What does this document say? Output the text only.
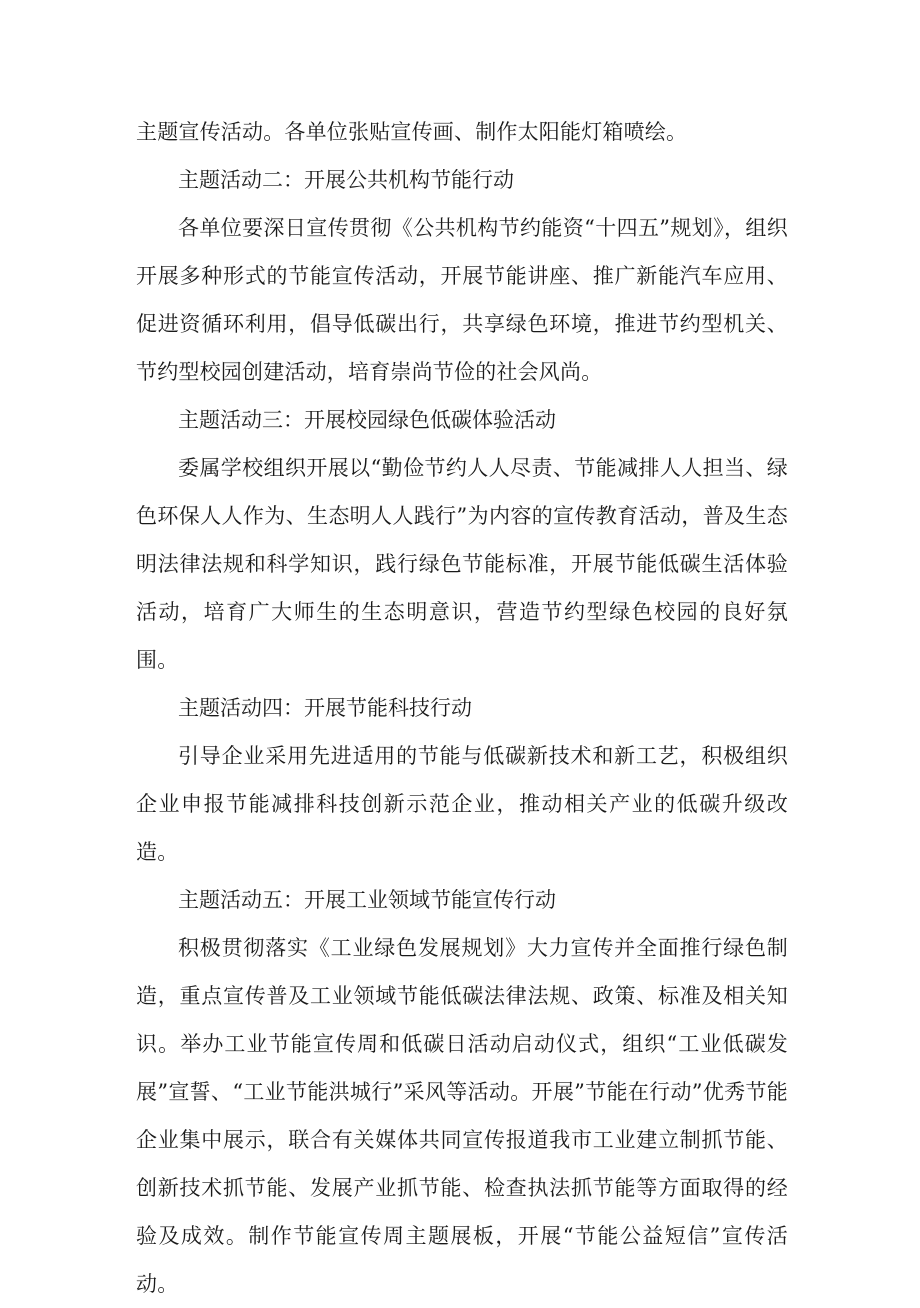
主题宣传活动。各单位张贴宣传画、制作太阳能灯箱喷绘。

主题活动二：开展公共机构节能行动

各单位要深日宣传贯彻《公共机构节约能资“十四五”规划》，组织开展多种形式的节能宣传活动，开展节能讲座、推广新能汽车应用、促进资循环利用，倡导低碳出行，共享绿色环境，推进节约型机关、节约型校园创建活动，培育崇尚节俭的社会风尚。

主题活动三：开展校园绿色低碳体验活动

委属学校组织开展以“勤俭节约人人尽责、节能减排人人担当、绿色环保人人作为、生态明人人践行”为内容的宣传教育活动，普及生态明法律法规和科学知识，践行绿色节能标准，开展节能低碳生活体验活动，培育广大师生的生态明意识，营造节约型绿色校园的良好氛围。

主题活动四：开展节能科技行动

引导企业采用先进适用的节能与低碳新技术和新工艺，积极组织企业申报节能减排科技创新示范企业，推动相关产业的低碳升级改造。

主题活动五：开展工业领域节能宣传行动

积极贯彻落实《工业绿色发展规划》大力宣传并全面推行绿色制造，重点宣传普及工业领域节能低碳法律法规、政策、标准及相关知识。举办工业节能宣传周和低碳日活动启动仪式，组织“工业低碳发展”宣誓、“工业节能洪城行”采风等活动。开展”节能在行动”优秀节能企业集中展示，联合有关媒体共同宣传报道我市工业建立制抓节能、创新技术抓节能、发展产业抓节能、检查执法抓节能等方面取得的经验及成效。制作节能宣传周主题展板，开展“节能公益短信”宣传活动。
